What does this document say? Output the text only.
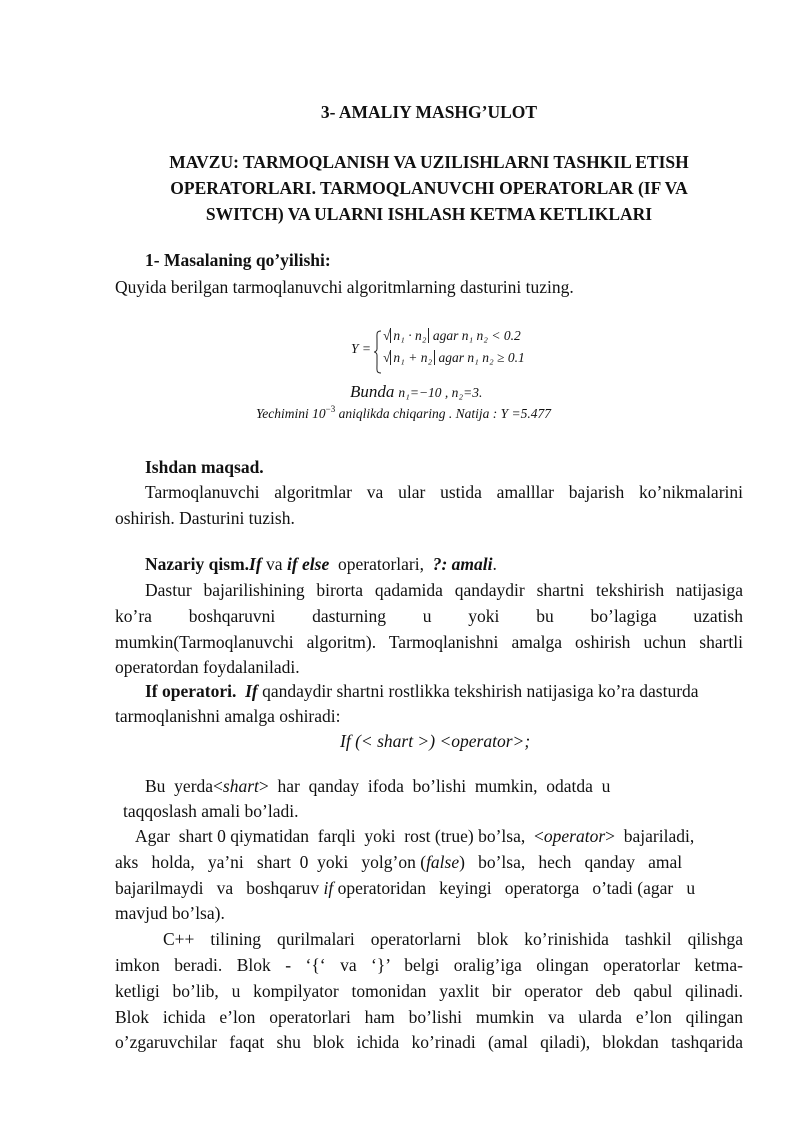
3- AMALIY MASHG’ULOT
MAVZU: TARMOQLANISH VA UZILISHLARNI TASHKIL ETISH
OPERATORLARI. TARMOQLANUVCHI OPERATORLAR (IF VA
SWITCH) VA ULARNI ISHLASH KETMA KETLIKLARI
1- Masalaning qo’yilishi:
Quyida berilgan tarmoqlanuvchi algoritmlarning dasturini tuzing.
Y =
√ n₁ · n₂ agar n₁ n₂ < 0.2
√ n₁ + n₂ agar n₁ n₂ ≥ 0.1
Bunda n₁=−10 , n₂=3.
Yechimini $10^{-3}$ aniqlikda chiqaring . Natija : Y =5.477
Ishdan maqsad.
Tarmoqlanuvchi algoritmlar va ular ustida amalllar bajarish ko’nikmalarini
oshirish. Dasturini tuzish.
Nazariy qism.If va if else  operatorlari,  ?: amali.
Dastur bajarilishining birorta qadamida qandaydir shartni tekshirish natijasiga
ko’ra boshqaruvni dasturning u yoki bu bo’lagiga uzatish
mumkin(Tarmoqlanuvchi algoritm). Tarmoqlanishni amalga oshirish uchun shartli
operatordan foydalaniladi.
If operatori. If qandaydir shartni rostlikka tekshirish natijasiga ko’ra dasturda
tarmoqlanishni amalga oshiradi:
If (< shart >) <operator>;
Bu  yerda<shart>  har  qanday  ifoda  bo’lishi  mumkin,  odatda  u
taqqoslash amali bo’ladi.
Agar  shart 0 qiymatidan  farqli  yoki  rost (true) bo’lsa,  <operator>  bajariladi,
aks   holda,   ya’ni   shart  0  yoki   yolg’on (false)   bo’lsa,   hech   qanday   amal
bajarilmaydi   va   boshqaruv if operatoridan   keyingi   operatorga   o’tadi (agar   u
mavjud bo’lsa).
C++ tilining qurilmalari operatorlarni blok ko’rinishida tashkil qilishga
imkon beradi. Blok - ‘{‘ va ‘}’ belgi oralig’iga olingan operatorlar ketma-
ketligi bo’lib, u kompilyator tomonidan yaxlit bir operator deb qabul qilinadi.
Blok ichida e’lon operatorlari ham bo’lishi mumkin va ularda e’lon qilingan
o’zgaruvchilar faqat shu blok ichida ko’rinadi (amal qiladi), blokdan tashqarida
